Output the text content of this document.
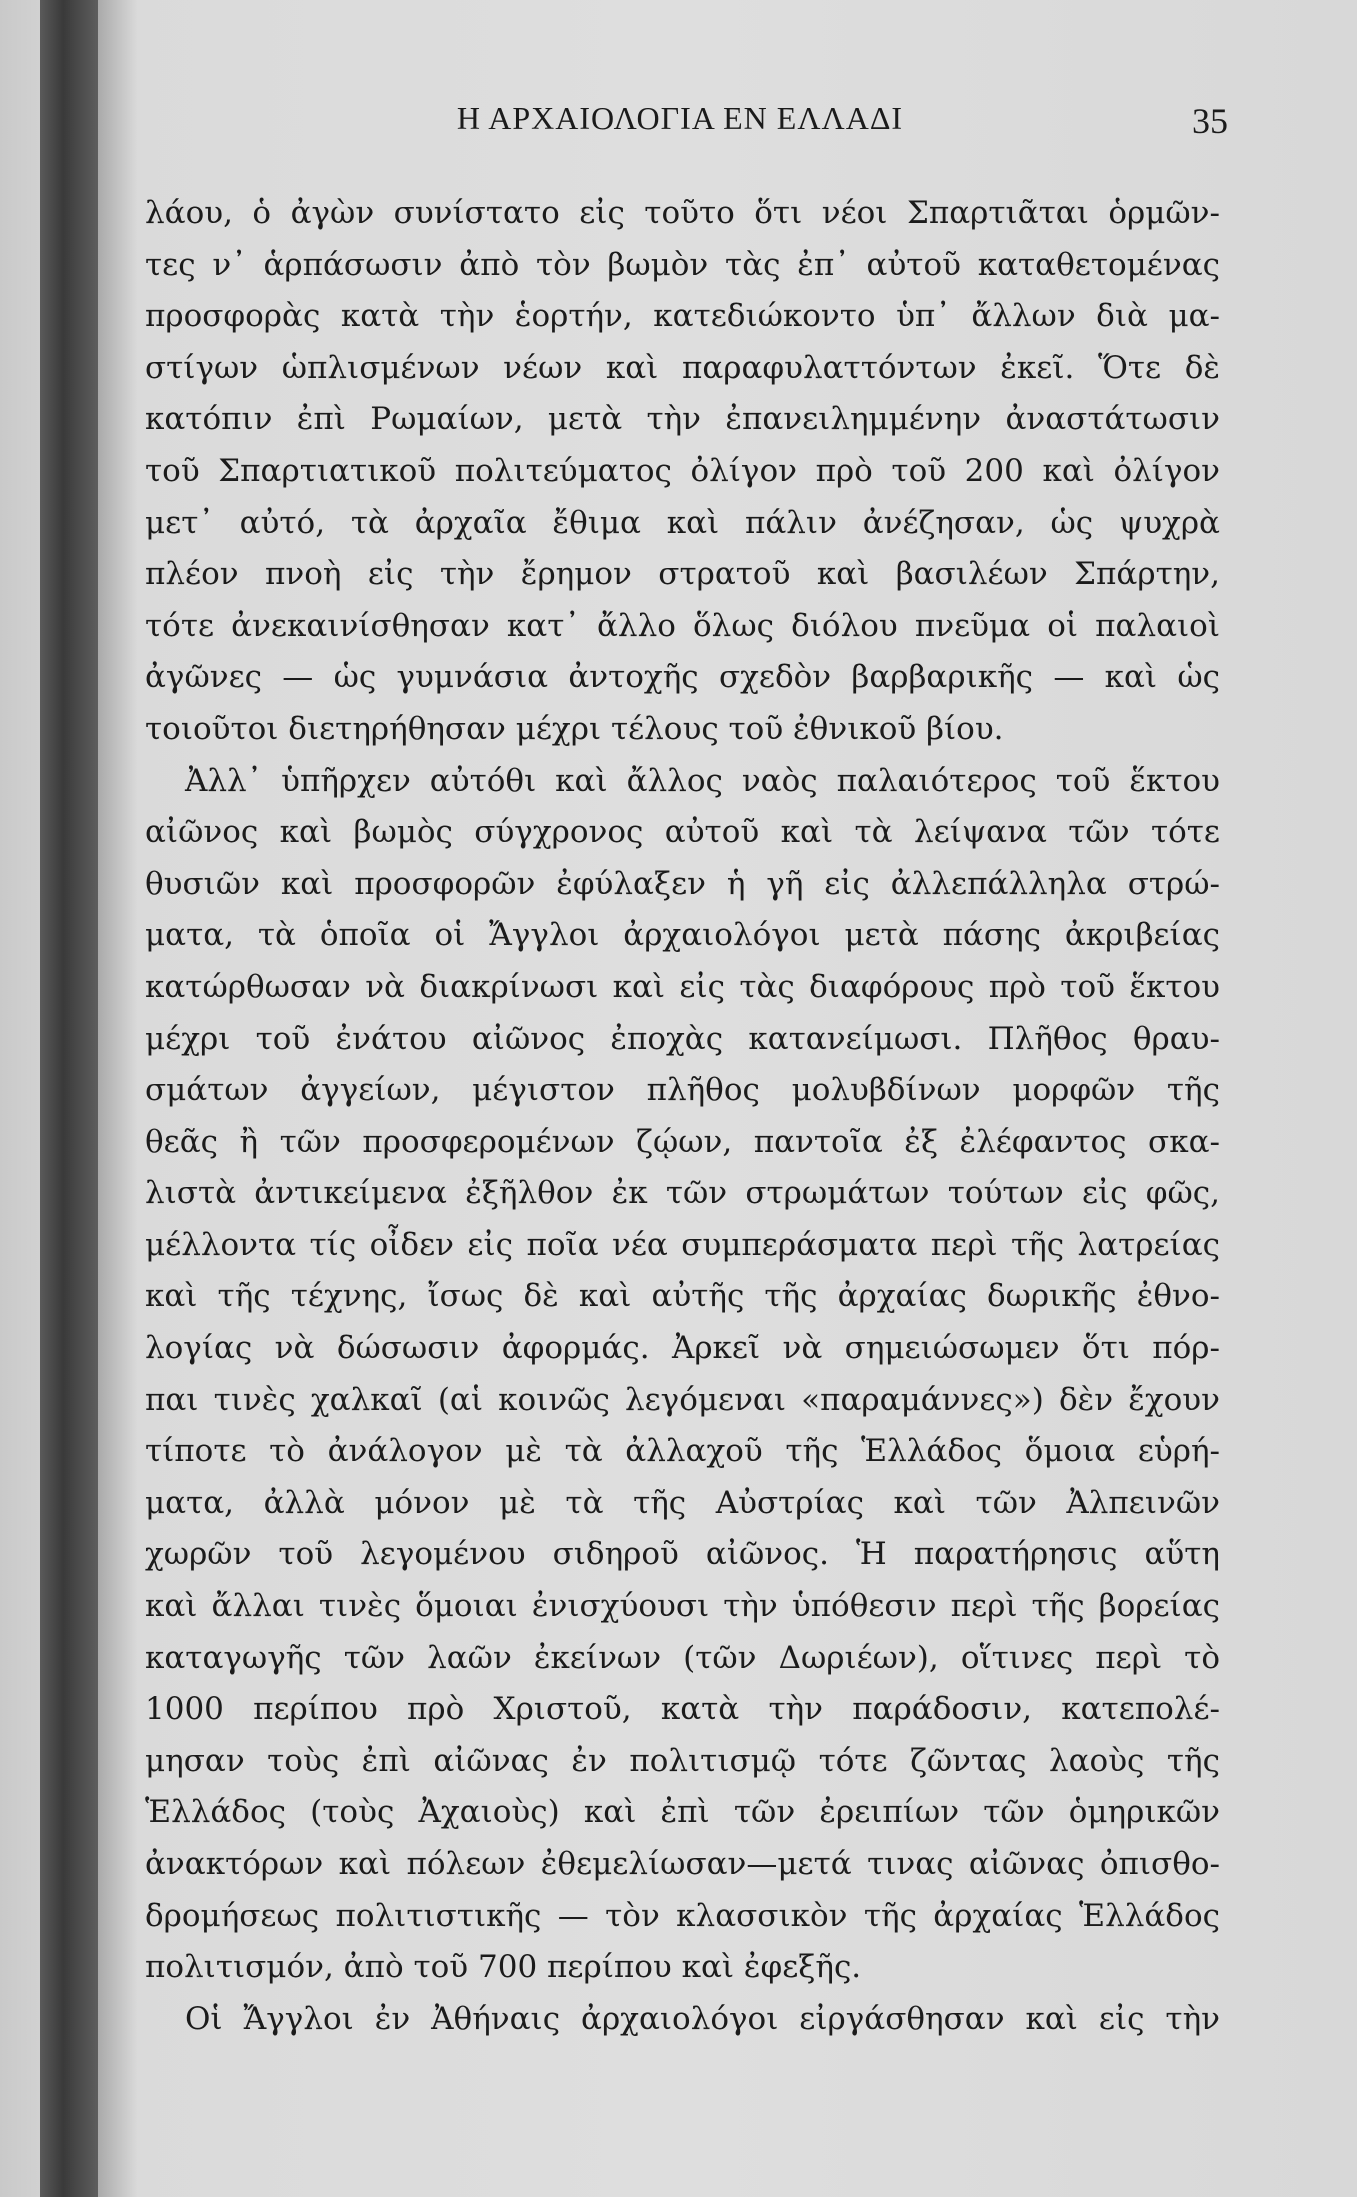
Η ΑΡΧΑΙΟΛΟΓΙΑ ΕΝ ΕΛΛΑΔΙ	35
λάου, ὁ ἀγὼν συνίστατο εἰς τοῦτο ὅτι νέοι Σπαρτιᾶται ὁρμῶν-
τες ν᾽ ἁρπάσωσιν ἀπὸ τὸν βωμὸν τὰς ἐπ᾽ αὐτοῦ καταθετομένας
προσφορὰς κατὰ τὴν ἑορτήν, κατεδιώκοντο ὑπ᾽ ἄλλων διὰ μα-
στίγων ὡπλισμένων νέων καὶ παραφυλαττόντων ἐκεῖ. Ὅτε δὲ
κατόπιν ἐπὶ Ρωμαίων, μετὰ τὴν ἐπανειλημμένην ἀναστάτωσιν
τοῦ Σπαρτιατικοῦ πολιτεύματος ὀλίγον πρὸ τοῦ 200 καὶ ὀλίγον
μετ᾽ αὐτό, τὰ ἀρχαῖα ἔθιμα καὶ πάλιν ἀνέζησαν, ὡς ψυχρὰ
πλέον πνοὴ εἰς τὴν ἔρημον στρατοῦ καὶ βασιλέων Σπάρτην,
τότε ἀνεκαινίσθησαν κατ᾽ ἄλλο ὅλως διόλου πνεῦμα οἱ παλαιοὶ
ἀγῶνες — ὡς γυμνάσια ἀντοχῆς σχεδὸν βαρβαρικῆς — καὶ ὡς
τοιοῦτοι διετηρήθησαν μέχρι τέλους τοῦ ἐθνικοῦ βίου.
Ἀλλ᾽ ὑπῆρχεν αὐτόθι καὶ ἄλλος ναὸς παλαιότερος τοῦ ἕκτου
αἰῶνος καὶ βωμὸς σύγχρονος αὐτοῦ καὶ τὰ λείψανα τῶν τότε
θυσιῶν καὶ προσφορῶν ἐφύλαξεν ἡ γῆ εἰς ἀλλεπάλληλα στρώ-
ματα, τὰ ὁποῖα οἱ Ἄγγλοι ἀρχαιολόγοι μετὰ πάσης ἀκριβείας
κατώρθωσαν νὰ διακρίνωσι καὶ εἰς τὰς διαφόρους πρὸ τοῦ ἕκτου
μέχρι τοῦ ἐνάτου αἰῶνος ἐποχὰς κατανείμωσι. Πλῆθος θραυ-
σμάτων ἀγγείων, μέγιστον πλῆθος μολυβδίνων μορφῶν τῆς
θεᾶς ἢ τῶν προσφερομένων ζῴων, παντοῖα ἐξ ἐλέφαντος σκα-
λιστὰ ἀντικείμενα ἐξῆλθον ἐκ τῶν στρωμάτων τούτων εἰς φῶς,
μέλλοντα τίς οἶδεν εἰς ποῖα νέα συμπεράσματα περὶ τῆς λατρείας
καὶ τῆς τέχνης, ἴσως δὲ καὶ αὐτῆς τῆς ἀρχαίας δωρικῆς ἐθνο-
λογίας νὰ δώσωσιν ἀφορμάς. Ἀρκεῖ νὰ σημειώσωμεν ὅτι πόρ-
παι τινὲς χαλκαῖ (αἱ κοινῶς λεγόμεναι «παραμάννες») δὲν ἔχουν
τίποτε τὸ ἀνάλογον μὲ τὰ ἀλλαχοῦ τῆς Ἑλλάδος ὅμοια εὑρή-
ματα, ἀλλὰ μόνον μὲ τὰ τῆς Αὐστρίας καὶ τῶν Ἀλπεινῶν
χωρῶν τοῦ λεγομένου σιδηροῦ αἰῶνος. Ἡ παρατήρησις αὕτη
καὶ ἄλλαι τινὲς ὅμοιαι ἐνισχύουσι τὴν ὑπόθεσιν περὶ τῆς βορείας
καταγωγῆς τῶν λαῶν ἐκείνων (τῶν Δωριέων), οἵτινες περὶ τὸ
1000 περίπου πρὸ Χριστοῦ, κατὰ τὴν παράδοσιν, κατεπολέ-
μησαν τοὺς ἐπὶ αἰῶνας ἐν πολιτισμῷ τότε ζῶντας λαοὺς τῆς
Ἑλλάδος (τοὺς Ἀχαιοὺς) καὶ ἐπὶ τῶν ἐρειπίων τῶν ὁμηρικῶν
ἀνακτόρων καὶ πόλεων ἐθεμελίωσαν—μετά τινας αἰῶνας ὀπισθο-
δρομήσεως πολιτιστικῆς — τὸν κλασσικὸν τῆς ἀρχαίας Ἑλλάδος
πολιτισμόν, ἀπὸ τοῦ 700 περίπου καὶ ἐφεξῆς.
Οἱ Ἄγγλοι ἐν Ἀθήναις ἀρχαιολόγοι εἰργάσθησαν καὶ εἰς τὴν
